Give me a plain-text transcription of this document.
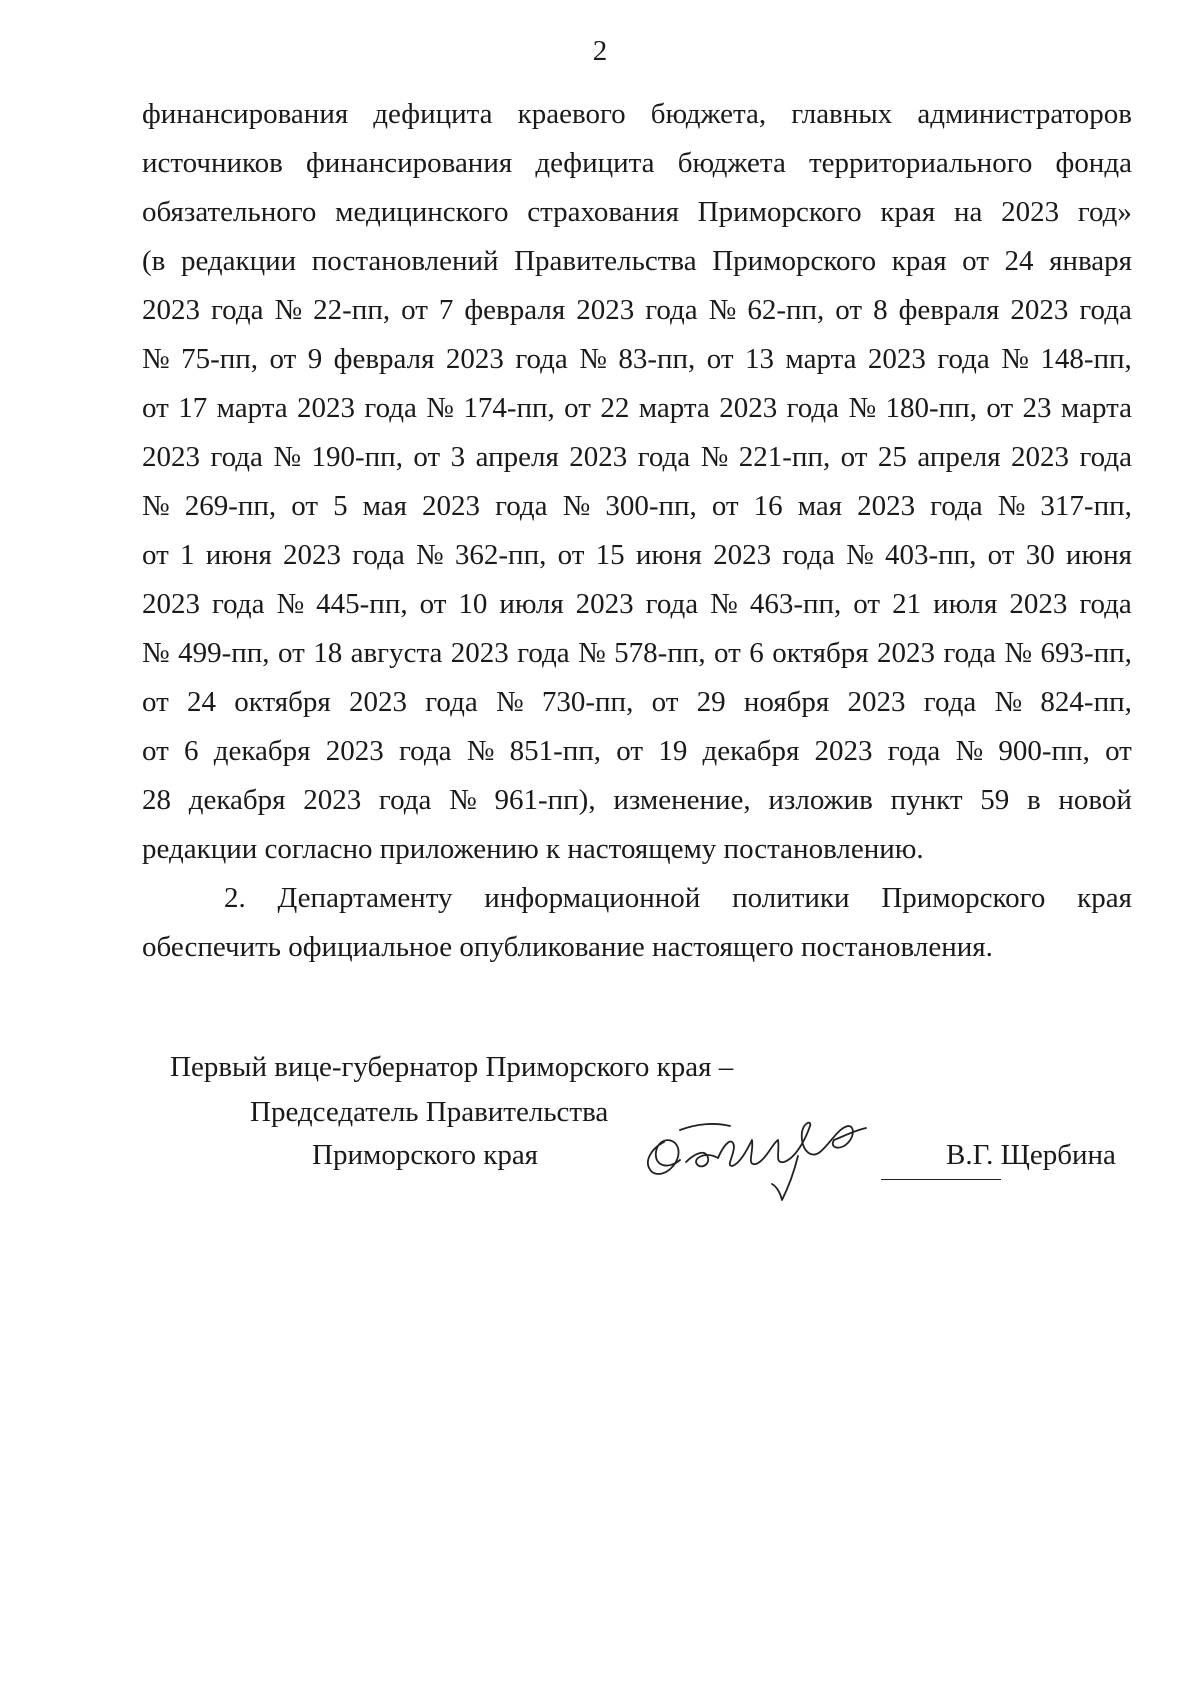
2
финансирования дефицита краевого бюджета, главных администраторов
источников финансирования дефицита бюджета территориального фонда
обязательного медицинского страхования Приморского края на 2023 год»
(в редакции постановлений Правительства Приморского края от 24 января
2023 года № 22-пп, от 7 февраля 2023 года № 62-пп, от 8 февраля 2023 года
№ 75-пп, от 9 февраля 2023 года № 83-пп, от 13 марта 2023 года № 148-пп,
от 17 марта 2023 года № 174-пп, от 22 марта 2023 года № 180-пп, от 23 марта
2023 года № 190-пп, от 3 апреля 2023 года № 221-пп, от 25 апреля 2023 года
№ 269-пп, от 5 мая 2023 года № 300-пп, от 16 мая 2023 года № 317-пп,
от 1 июня 2023 года № 362-пп, от 15 июня 2023 года № 403-пп, от 30 июня
2023 года № 445-пп, от 10 июля 2023 года № 463-пп, от 21 июля 2023 года
№ 499-пп, от 18 августа 2023 года № 578-пп, от 6 октября 2023 года № 693-пп,
от 24 октября 2023 года № 730-пп, от 29 ноября 2023 года № 824-пп,
от 6 декабря 2023 года № 851-пп, от 19 декабря 2023 года № 900-пп, от
28 декабря 2023 года № 961-пп), изменение, изложив пункт 59 в новой
редакции согласно приложению к настоящему постановлению.
2. Департаменту информационной политики Приморского края
обеспечить официальное опубликование настоящего постановления.
Первый вице-губернатор Приморского края –
Председатель Правительства
Приморского края	В.Г. Щербина
